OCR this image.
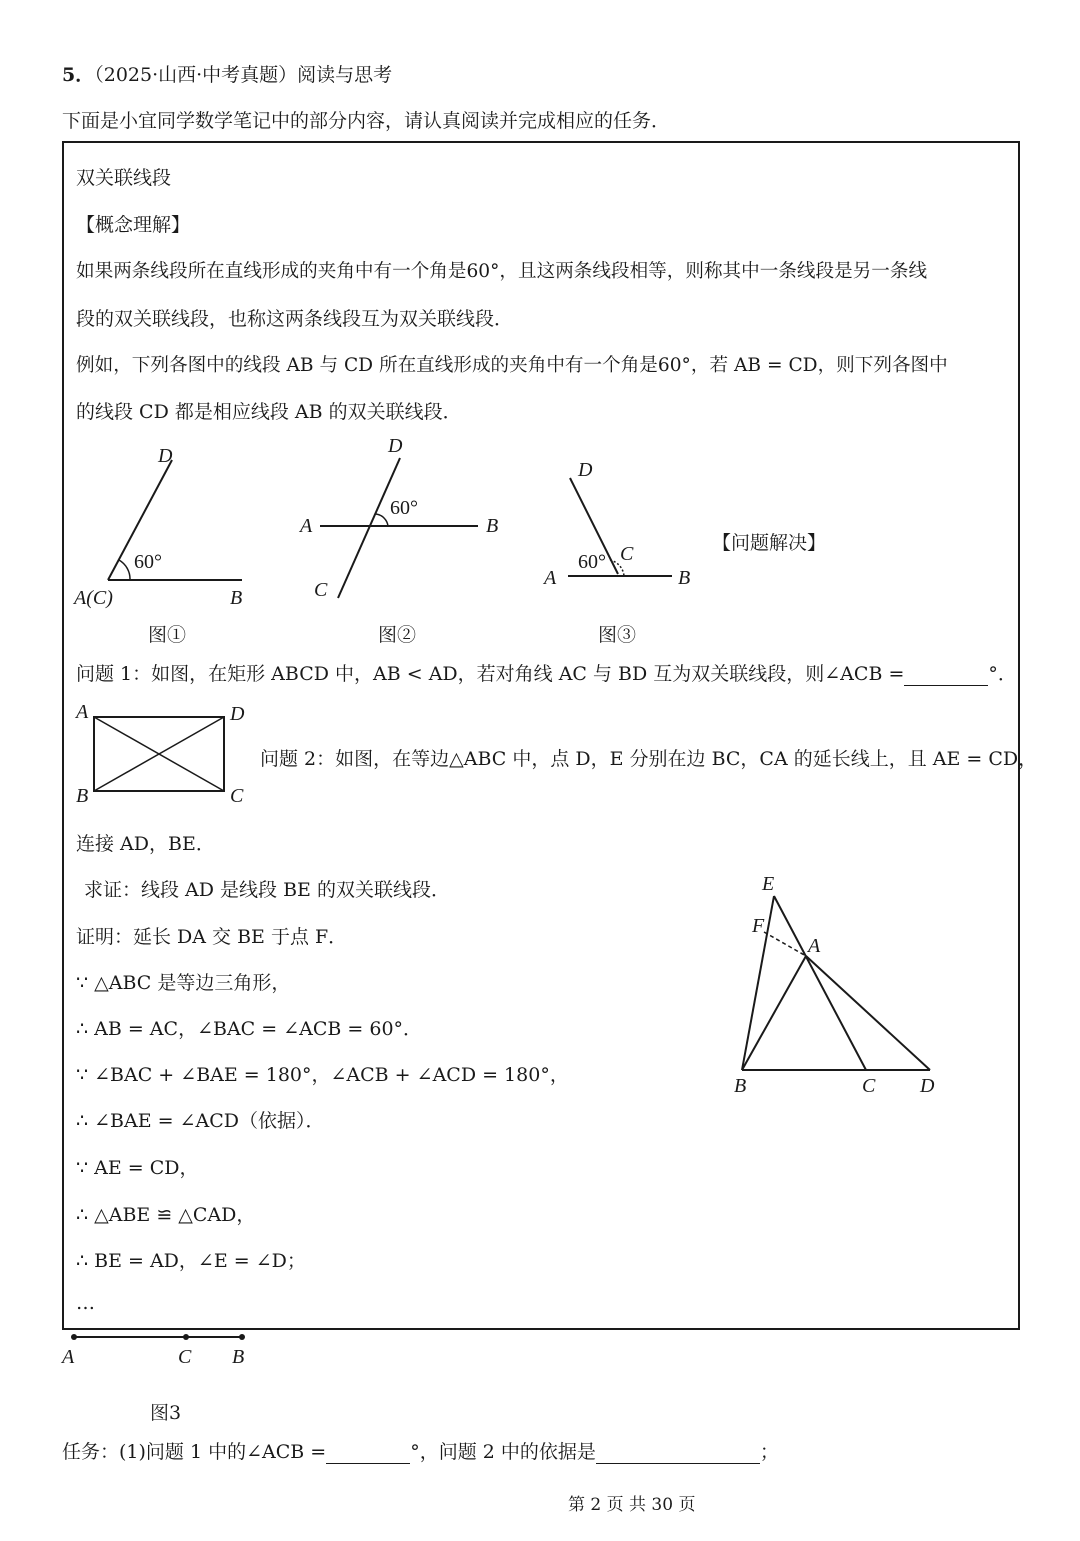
5．（2025·山西·中考真题）阅读与思考
下面是小宜同学数学笔记中的部分内容，请认真阅读并完成相应的任务．
双关联线段
【概念理解】
如果两条线段所在直线形成的夹角中有一个角是60°，且这两条线段相等，则称其中一条线段是另一条线
段的双关联线段，也称这两条线段互为双关联线段．
例如，下列各图中的线段 AB 与 CD 所在直线形成的夹角中有一个角是60°，若 AB = CD，则下列各图中
的线段 CD 都是相应线段 AB 的双关联线段．
D
60°
A(C)	B
图①
D
60°
A	B
C
图②
D
60° C
A	B
图③
【问题解决】
问题 1：如图，在矩形 ABCD 中，AB < AD，若对角线 AC 与 BD 互为双关联线段，则∠ACB =	°．
A	D
B	C
问题 2：如图，在等边△ABC 中，点 D，E 分别在边 BC，CA 的延长线上，且 AE = CD，
连接 AD，BE．
求证：线段 AD 是线段 BE 的双关联线段．
证明：延长 DA 交 BE 于点 F．
∵ △ABC 是等边三角形，
∴ AB = AC，∠BAC = ∠ACB = 60°．
∵ ∠BAC + ∠BAE = 180°，∠ACB + ∠ACD = 180°，
∴ ∠BAE = ∠ACD（依据）．
∵ AE = CD，
∴ △ABE ≌ △CAD，
∴ BE = AD，∠E = ∠D；
…
E
F
A
B	C D
A	C B
图3
任务：(1)问题 1 中的∠ACB =	°，问题 2 中的依据是	；
第 2 页 共 30 页
